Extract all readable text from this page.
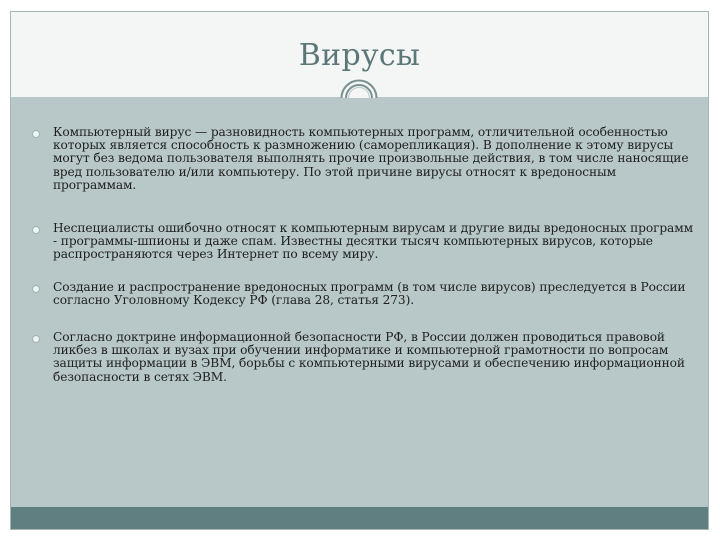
Вирусы
Компьютерный вирус — разновидность компьютерных программ, отличительной особенностью которых является способность к размножению (саморепликация). В дополнение к этому вирусы могут без ведома пользователя выполнять прочие произвольные действия, в том числе наносящие вред пользователю и/или компьютеру. По этой причине вирусы относят к вредоносным программам.
Неспециалисты ошибочно относят к компьютерным вирусам и другие виды вредоносных программ - программы-шпионы и даже спам. Известны десятки тысяч компьютерных вирусов, которые распространяются через Интернет по всему миру.
Создание и распространение вредоносных программ (в том числе вирусов) преследуется в России согласно Уголовному Кодексу РФ (глава 28, статья 273).
Согласно доктрине информационной безопасности РФ, в России должен проводиться правовой ликбез в школах и вузах при обучении информатике и компьютерной грамотности по вопросам защиты информации в ЭВМ, борьбы с компьютерными вирусами и обеспечению информационной безопасности в сетях ЭВМ.
